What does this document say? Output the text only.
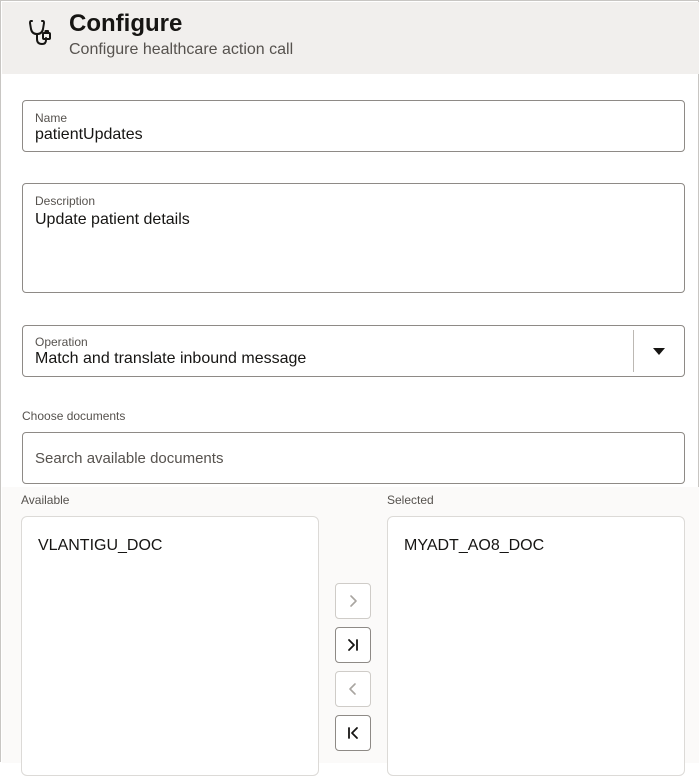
Configure
Configure healthcare action call
Name
patientUpdates
Description
Update patient details
Operation
Match and translate inbound message
Choose documents
Search available documents
Available	Selected
VLANTIGU_DOC	MYADT_AO8_DOC
